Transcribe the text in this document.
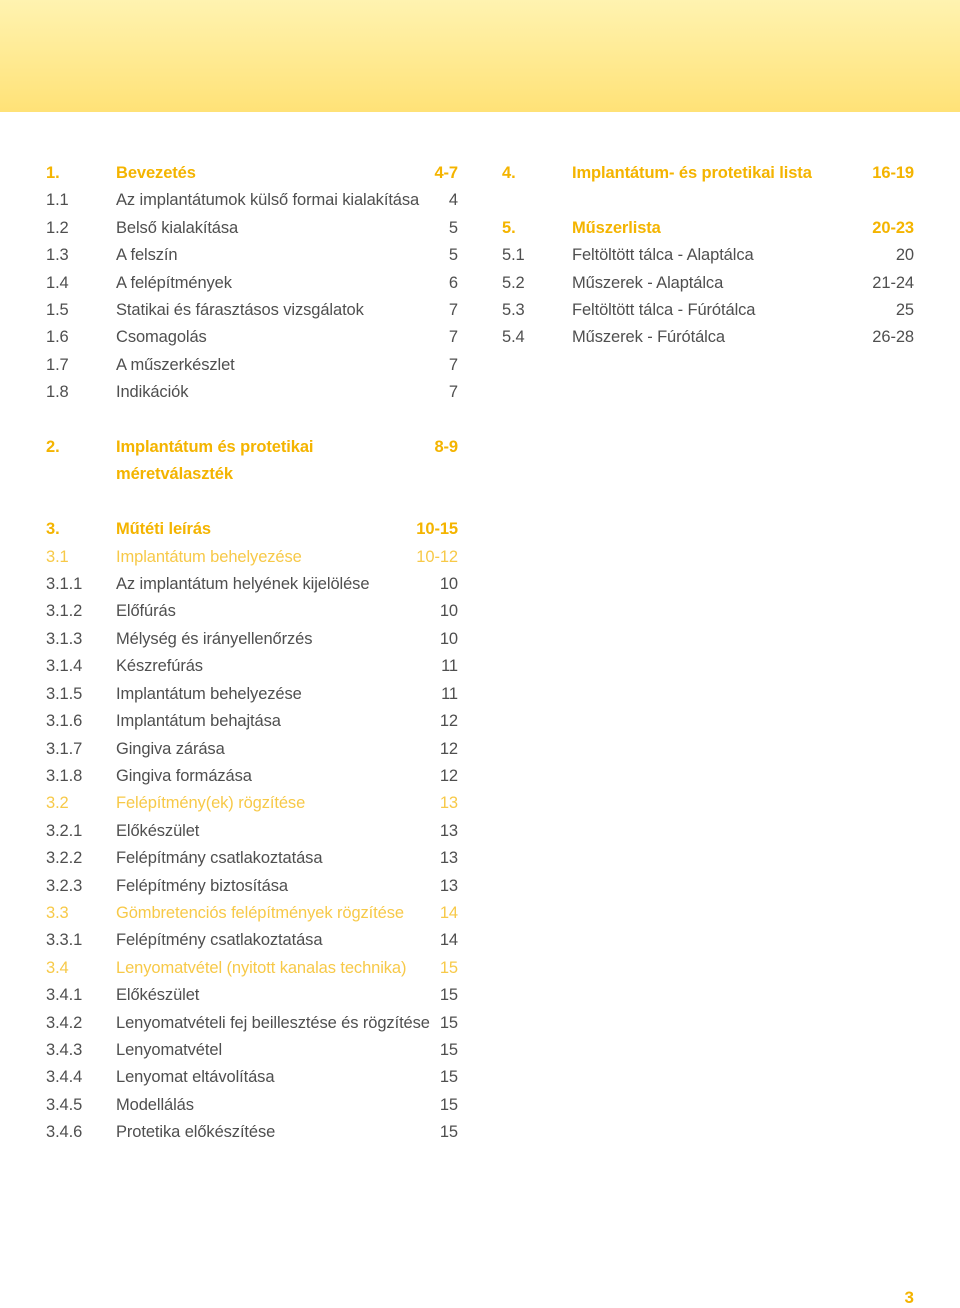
1.	Bevezetés	4-7
1.1	Az implantátumok külső formai kialakítása	4
1.2	Belső kialakítása	5
1.3	A felszín	5
1.4	A felépítmények	6
1.5	Statikai és fárasztásos vizsgálatok	7
1.6	Csomagolás	7
1.7	A műszerkészlet	7
1.8	Indikációk	7
2.	Implantátum és protetikai	8-9
méretválaszték
3.	Műtéti leírás	10-15
3.1	Implantátum behelyezése	10-12
3.1.1	Az implantátum helyének kijelölése	10
3.1.2	Előfúrás	10
3.1.3	Mélység és irányellenőrzés	10
3.1.4	Készrefúrás	11
3.1.5	Implantátum behelyezése	11
3.1.6	Implantátum behajtása	12
3.1.7	Gingiva zárása	12
3.1.8	Gingiva formázása	12
3.2	Felépítmény(ek) rögzítése	13
3.2.1	Előkészület	13
3.2.2	Felépítmány csatlakoztatása	13
3.2.3	Felépítmény biztosítása	13
3.3	Gömbretenciós felépítmények rögzítése	14
3.3.1	Felépítmény csatlakoztatása	14
3.4	Lenyomatvétel (nyitott kanalas technika)	15
3.4.1	Előkészület	15
3.4.2	Lenyomatvételi fej beillesztése és rögzítése 15
3.4.3	Lenyomatvétel	15
3.4.4	Lenyomat eltávolítása	15
3.4.5	Modellálás	15
3.4.6	Protetika előkészítése	15
4.	Implantátum- és protetikai lista	16-19
5.	Műszerlista	20-23
5.1	Feltöltött tálca - Alaptálca	20
5.2	Műszerek - Alaptálca	21-24
5.3	Feltöltött tálca - Fúrótálca	25
5.4	Műszerek - Fúrótálca	26-28
3
